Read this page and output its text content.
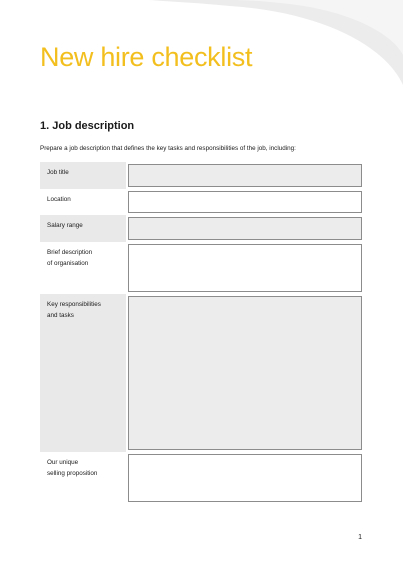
New hire checklist
1. Job description

Prepare a job description that defines the key tasks and responsibilities of the job, including:

Job title
Location
Salary range
Brief description
of organisation
Key responsibilities
and tasks
Our unique
selling proposition

1
